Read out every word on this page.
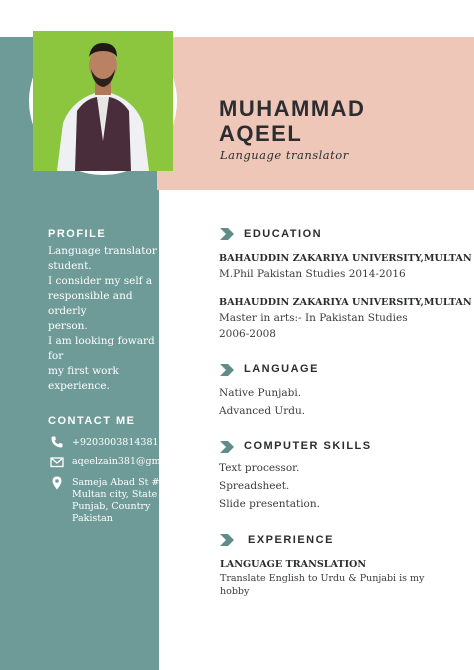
MUHAMMAD
AQEEL
Language translator
PROFILE
Language translator
student.
I consider my self a
responsible and orderly
person.
I am looking foward for
my first work
experience.
CONTACT ME
+9203003814381
aqeelzain381@gmail.com
Sameja Abad St #
Multan city, State
Punjab, Country
Pakistan
EDUCATION
BAHAUDDIN ZAKARIYA UNIVERSITY,MULTAN
M.Phil Pakistan Studies 2014-2016
BAHAUDDIN ZAKARIYA UNIVERSITY,MULTAN
Master in arts:- In Pakistan Studies
2006-2008
LANGUAGE
Native Punjabi.
Advanced Urdu.
COMPUTER SKILLS
Text processor.
Spreadsheet.
Slide presentation.
EXPERIENCE
LANGUAGE TRANSLATION
Translate English to Urdu & Punjabi is my
hobby
